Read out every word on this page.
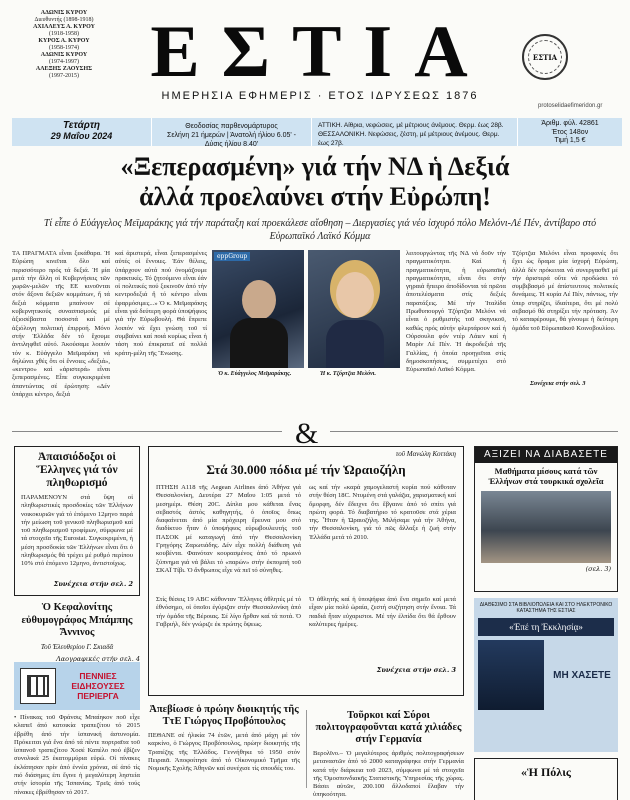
ΑΔΩΝΙΣ ΚΥΡΟΥ
Διευθυντής (1898-1918)
ΑΧΙΛΛΕΥΣ Α. ΚΥΡΟΥ
(1918-1958)
ΚΥΡΟΣ Α. ΚΥΡΟΥ
(1958-1974)
ΑΔΩΝΙΣ ΚΥΡΟΥ
(1974-1997)
ΑΛΕΞΗΣ ΖΑΟΥΣΗΣ
(1997-2015) ΕΣΤΙΑ
ΗΜΕΡΗΣΙΑ ΕΦΗΜΕΡΙΣ · ΕΤΟΣ ΙΔΡΥΣΕΩΣ 1876
ΕΣΤΙΑ
protoselidaefimeridon.gr
Τετάρτη
29 Μαΐου 2024
Θεοδοσίας παρθενομάρτυρος
Σελήνη 21 ήμερών | Άνατολή ήλίου 6.05' - Δύσις ήλίου 8.40'
ΑΤΤΙΚΗ. Αίθρια, νεφώσεις, μέ μέτριους άνέμους. Θερμ. έως 28β.
ΘΕΣΣΑΛΟΝΙΚΗ. Νεφώσεις, ζέστη, μέ μέτριους άνέμους. Θερμ. έως 27β.
Άριθμ. φύλ. 42861
Έτος 148ον
Τιμή 1,5 €
«Ξεπερασμένη» γιά τήν ΝΔ ἡ Δεξιά
ἀλλά προελαύνει στήν Εὐρώπη!
Τί εἶπε ὁ Εὐάγγελος Μεϊμαράκης γιά τήν παράταξη καί προεκάλεσε αἴσθηση – Διεργασίες γιά νέο ἰσχυρό πόλο Μελόνι-Λέ Πέν, ἀντίβαρο στό Εὐρωπαϊκό Λαϊκό Κόμμα
ΤΑ ΠΡΑΓΜΑΤΑ εἶναι ξεκάθαρα. Ἡ Εὐρώπη κινεῖται ὅλο καί περισσότερο πρός τά δεξιά. Ἡ μία μετά τήν ἄλλη οἱ Κυβερνήσεις τῶν χωρῶν-μελῶν τῆς ΕΕ κινοῦνται στόν ἄξονα δεξιῶν κομμάτων, ἤ τά δεξιά κόμματα μπαίνουν σέ κυβερνητικούς συνασπισμούς μέ ἀξιοσέβαστα ποσοστά καί μέ ἀξιόλογη πολιτική ἐπιρροή. Μόνο στήν Ἑλλάδα δέν τό ἔχουμε ἀντιληφθεῖ αὐτό. Ἀκούσαμε λοιπόν τόν κ. Εὐάγγελο Μεϊμαράκη νά δηλώνει χθές ὅτι οἱ ἔννοιες «δεξιά», «κεντρο» καί «ἀριστερά» εἶναι ξεπερασμένες. Εἶπε συγκεκριμένα ἀπαντώντας σέ ἐρώτηση: «Δέν ὑπάρχει κέντρο, δεξιά
καί ἀριστερά, εἶναι ξεπερασμένες αὐτές οἱ ἔννοιες. Ἐάν θέλεις, ὑπάρχουν αὐτά πού ὀνομάζουμε πρακτικές. Τό ζητούμενο εἶναι ἐάν οἱ πολιτικές πού ξεκινοῦν ἀπό τήν κεντροδεξιά ἤ τό κέντρο εἶναι ἐφαρμόσιμες...» Ὁ κ. Μεϊμαράκης εἶναι γιά δεύτερη φορά ὑποψήφιος γιά τήν Εὐρωβουλή. Θά ἔπρεπε λοιπόν νά ἔχει γνώση τοῦ τί συμβαίνει καί ποιά κυρίως εἶναι ἡ τάση πού ἐπικρατεῖ σέ πολλά κράτη-μέλη τῆς Ἕνωσης.
eppGroup
Ὁ κ. Εὐάγγελος Μεϊμαράκης.	Ἡ κ. Τζόρτζια Μελόνι.
λειτουργώντας τῆς ΝΔ νά δοῦν τήν πραγματικότητα. Καί ἡ πραγματικότητα, ἡ εὐρωπαϊκή πραγματικότητα, εἶναι ὅτι στήν γηραιά ἤπειρο ἀποδίδονται τά πρῶτα ἀποτελέσματα στίς δεξιές παρατάξεις. Μέ τήν Ἰταλίδα Πρωθυπουργό Τζόρτζια Μελόνι νά εἶναι ὁ ρυθμιστής τοῦ σκηνικοῦ, καθώς πρός αὐτήν φλερτάρουν καί ἡ Οὐρσουλα φόν ντέρ Λάιεν καί ἡ Μαρίν Λέ Πέν. Ἡ ἀκροδεξιά τῆς Γαλλίας, ἡ ὁποία προηγεῖται στίς δημοσκοπήσεις, συμμετέχει στό Εὐρωπαϊκό Λαϊκό Κόμμα.
Τζόρτζια Μελόνι εἶναι προφανές ὅτι ἔχει ὡς ὅραμα μία ἰσχυρή Εὐρώπη, ἀλλά δέν πρόκειται νά συνεργασθεῖ μέ τήν ἀριστερά οὔτε νά προδώσει τό συμβιβασμό μέ ἀπίστευτους πολιτικές δυνάμεις. Ἡ κυρία Λέ Πέν, πάντως, τήν ὑπερ στηρίζει, ἰδιαίτερα, ὅτι μέ πολύ σεβασμό θά στηρίξει τήν πρόταση. Ἀν τό καταφέρουμε, θά γίνουμε ἡ δεύτερη ὁμάδα τοῦ Εὐρωπαϊκοῦ Κοινοβουλίου.
Συνέχεια στήν σελ. 3
&
Ἀπαισιόδοξοι οἱ Ἕλληνες γιά τόν πληθωρισμό
ΠΑΡΑΜΕΝΟΥΝ στά ὕψη οἱ πληθωριστικές προσδοκίες τῶν Ἑλλήνων νοικοκυριῶν γιά τό ἑπόμενο 12μηνο παρά τήν μείωση τοῦ γενικοῦ πληθωρισμοῦ καί τοῦ πληθωρισμοῦ τροφίμων, σύμφωνα μέ τά στοιχεῖα τῆς Eurostat. Συγκεκριμένα, ἡ μέση προσδοκία τῶν Ἑλλήνων εἶναι ὅτι ὁ πληθωρισμός θά τρέχει μέ ρυθμό περίπου 10% στό ἑπόμενο 12μηνο, ἀντιστοίχως.
Συνέχεια στήν σελ. 2
Ὁ Κεφαλονίτης εὐθυμογράφος Μπάμπης Ἄννινος
Τοῦ Ἐλευθερίου Γ. Σκιαδᾶ
Λαογραφικές στήν σελ. 4
ΠΕΝΝΙΕΣ ΕΙΔΗΣΟΥΣΕΣ ΠΕΡΙΕΡΓΑ
• Πίνακας τοῦ Φράνσις Μπαίηκον ποῦ εἶχε κλαπεῖ ἀπό κατοικία τραπεζίτου τό 2015 ἐβρέθη ἀπό τήν ἰσπανική ἀστυνομία. Πρόκειται γιά ἕνα ἀπό τά πέντε πορτραῖτα τοῦ ἰσπανοῦ τραπεζίτου Χοσέ Καπέλο πού ἐβίζεν συνολικά 25 ἑκατομμύρια εὐρώ. Οἱ πίνακες ἐκλάπησαν πρίν ἀπό ἐννέα χρόνια, σέ ἀπό τίς πιό διάσημες ἐπι ἔγινε ἡ μεγαλύτερη ληστεία στήν ἱστορία τῆς Ἰσπανίας. Τρεῖς ἀπό τούς πίνακες ἐβρέθησαν τό 2017.
τοῦ Μανώλη Κοττάκη
Στά 30.000 πόδια μέ τήν Ὡραιοζήλη
ΠΤΗΣΗ Α118 τῆς Aegean Airlines ἀπό Ἀθήνα γιά Θεσσαλονίκη, Δευτέρα 27 Μαΐου 1:05 μετά τό μεσημέρι. Θέση 20C. Δίπλα μου κάθεται ἕνας σεβαστός ἀστός καθηγητής, ὁ ὁποῖος ὅπως διαφαίνεται ἀπό μία πρόχειρη ἔρευνα μου στό διαδίκτυο ἦταν ὁ ὑποψήφιος εὐρωβουλευτής τοῦ ΠΑΣΟΚ μέ καταγωγή ἀπό τήν Θεσσαλονίκη Γρηγόρης Ζαρωτιάδης. Δέν εἶχε πολλή διάθεση γιά κουβέντα. Φαινόταν κουρασμένος ἀπό τό πρωινό ξύπνημα γιά νά βάλει τό «παρών» στήν ἐκπομπή τοῦ ΣΚΑΪ Τίβι. Ὁ ἄνθρωπος εἶχε νά πεῖ τό σύνηθες.
Στίς θέσεις 19 ABC κάθονταν Ἕλληνες ἀθλητές μέ τό ἐθνόσημο, οἱ ὁποῖοι ἐγύριζαν στήν Θεσσαλονίκη ἀπό τήν ὁμάδα τῆς Βέροιας. Σέ λίγο ἦρθαν καί τά ποτά. Ὁ Γαβριήλ, δέν γνώριζε ἐκ πρώτης ὄψεως.
ως καί τήν «καρά χαμογελαστή κυρία πού κάθοταν στήν θέση 18C. Ντυμένη στά γαλάζια, χαρισματική καί ὄμορφη, δέν ἔδειχνε ὅτι ἔβγαινε ἀπό τό σπίτι γιά πρώτη φορά. Τό διαβατήριο τό κρατοῦσε στά χέρια της. Ἦταν ἡ Ὡραιοζήλη. Μιλήσαμε γιά τήν Ἀθήνα, τήν Θεσσαλονίκη, γιά τό πῶς ἄλλαξε ἡ ζωή στήν Ἑλλάδα μετά τό 2010.
Ὁ ἀθλητής καί ἡ ὑποψήφια ἀπό ἕνα σημεῖο καί μετά εἶχαν μία πολύ ὡραία, ζεστή συζήτηση στήν ἔνοια. Τά παιδιά ἦταν εὐχαριστοι. Μέ τήν ἐλπίδα ὅτι θά ἔρθουν καλύτερες ἡμέρες.
Συνέχεια στήν σελ. 3
Ἀπεβίωσε ὁ πρώην διοικητής τῆς ΤτΕ Γιώργος Προβόπουλος
ΠΕΘΑΝΕ σέ ἡλικία 74 ἐτῶν, μετά ἀπό μάχη μέ τόν καρκίνο, ὁ Γιώργος Προβόπουλος, πρώην διοικητής τῆς Τραπέζης τῆς Ἑλλάδος. Γεννήθηκε τό 1950 στόν Πειραιᾶ. Ἀποφοίτησε ἀπό τό Οἰκονομικό Τμῆμα τῆς Νομικῆς Σχολῆς Ἀθηνῶν καί συνέχισε τίς σπουδές του.
Τοῦρκοι καί Σύροι πολιτογραφοῦνται κατά χιλιάδες στήν Γερμανία
Βερολῖνο.– Ὁ μεγαλύτερος ἀριθμός πολιτογραφήσεων μεταναστῶν ἀπό τό 2000 καταγράφηκε στήν Γερμανία κατά τήν διάρκεια τοῦ 2023, σύμφωνα μέ τά στοιχεῖα τῆς Ὁμοσπονδιακῆς Στατιστικῆς Ὑπηρεσίας τῆς χώρας. Βάσει αὐτῶν, 200.100 ἄλλοδαποί ἔλαβαν τήν ὑπηκοότητα.
ΑΞΙΖΕΙ ΝΑ ΔΙΑΒΑΣΕΤΕ
Μαθήματα μίσους κατά τῶν Ἑλλήνων στά τουρκικά σχολεῖα
(σελ. 3)
ΔΙΑΘΕΣΙΜΟ ΣΤΑ ΒΙΒΛΙΟΠΩΛΕΙΑ ΚΑΙ ΣΤΟ ΗΛΕΚΤΡΟΝΙΚΟ ΚΑΤΑΣΤΗΜΑ ΤΗΣ ΕΣΤΙΑΣ
«Ἐπέ τη Ἐκκλησίᾳ»
ΜΗ ΧΑΣΕΤΕ
«Ἡ Πόλις
